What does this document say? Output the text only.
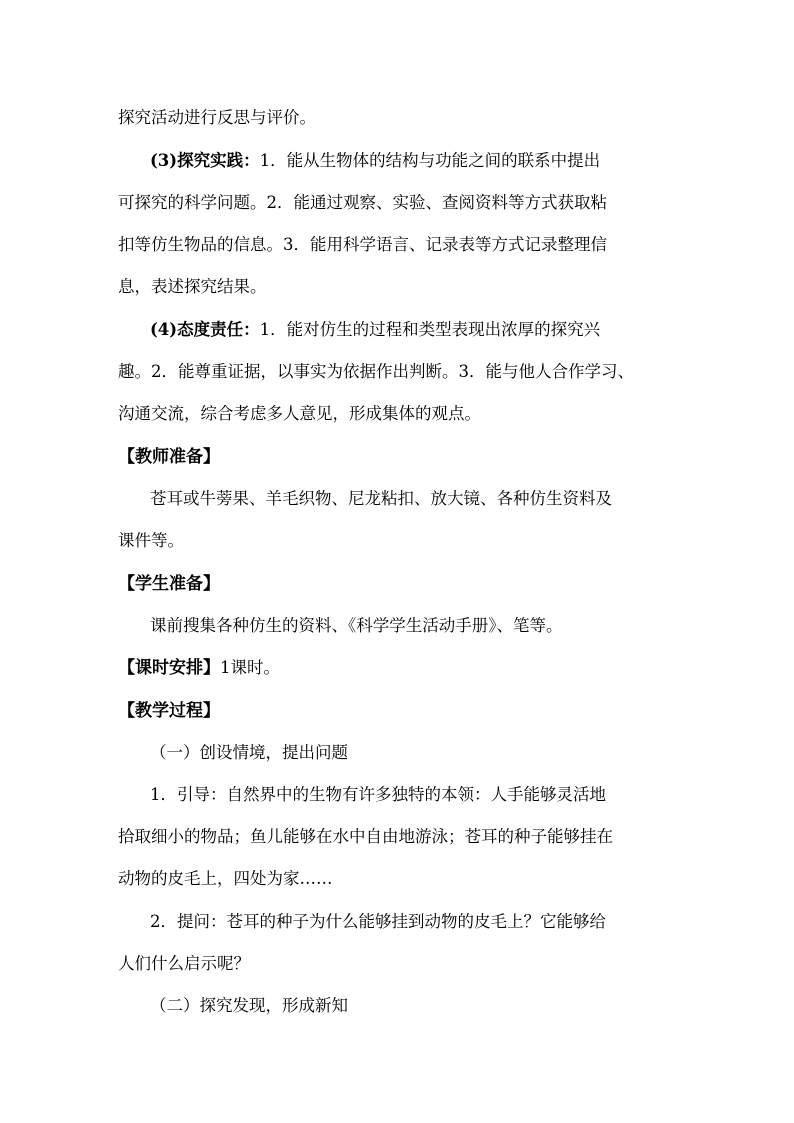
探究活动进行反思与评价。
(3)探究实践：1．能从生物体的结构与功能之间的联系中提出
可探究的科学问题。2．能通过观察、实验、查阅资料等方式获取粘
扣等仿生物品的信息。3．能用科学语言、记录表等方式记录整理信
息，表述探究结果。
(4)态度责任：1．能对仿生的过程和类型表现出浓厚的探究兴
趣。2．能尊重证据，以事实为依据作出判断。3．能与他人合作学习、
沟通交流，综合考虑多人意见，形成集体的观点。
【教师准备】
苍耳或牛蒡果、羊毛织物、尼龙粘扣、放大镜、各种仿生资料及
课件等。
【学生准备】
课前搜集各种仿生的资料、《科学学生活动手册》、笔等。
【课时安排】1课时。
【教学过程】
（一）创设情境，提出问题
1．引导：自然界中的生物有许多独特的本领：人手能够灵活地
拾取细小的物品；鱼儿能够在水中自由地游泳；苍耳的种子能够挂在
动物的皮毛上，四处为家……
2．提问：苍耳的种子为什么能够挂到动物的皮毛上？它能够给
人们什么启示呢？
（二）探究发现，形成新知
